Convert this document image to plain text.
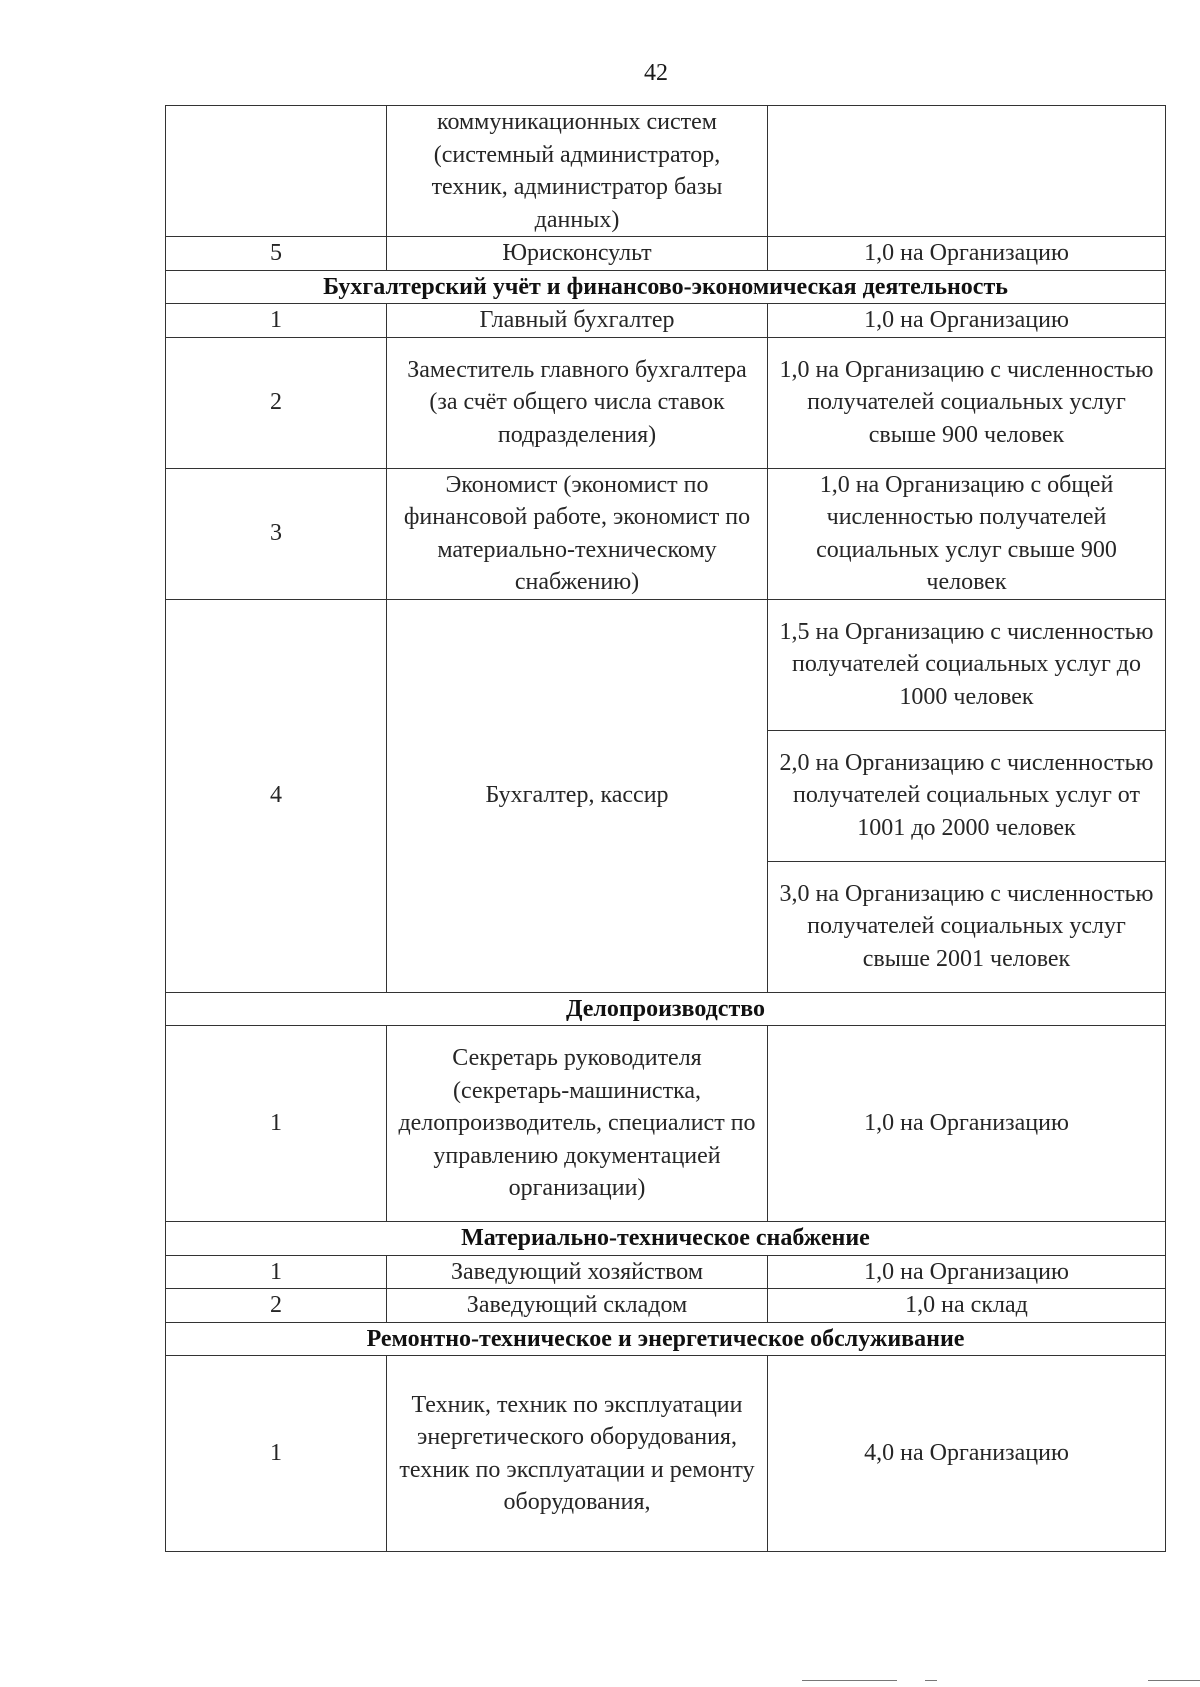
42
	коммуникационных систем (системный администратор, техник, администратор базы данных)	
5	Юрисконсульт	1,0 на Организацию
Бухгалтерский учёт и финансово-экономическая деятельность		
1	Главный бухгалтер	1,0 на Организацию
2	Заместитель главного бухгалтера (за счёт общего числа ставок подразделения)	1,0 на Организацию с численностью получателей социальных услуг свыше 900 человек
3	Экономист (экономист по финансовой работе, экономист по материально-техническому снабжению)	1,0 на Организацию с общей численностью получателей социальных услуг свыше 900 человек
4	Бухгалтер, кассир	1,5 на Организацию с численностью получателей социальных услуг до 1000 человек
		2,0 на Организацию с численностью получателей социальных услуг от 1001 до 2000 человек
		3,0 на Организацию с численностью получателей социальных услуг свыше 2001 человек
Делопроизводство		
1	Секретарь руководителя (секретарь-машинистка, делопроизводитель, специалист по управлению документацией организации)	1,0 на Организацию
Материально-техническое снабжение		
1	Заведующий хозяйством	1,0 на Организацию
2	Заведующий складом	1,0 на склад
Ремонтно-техническое и энергетическое обслуживание		
1	Техник, техник по эксплуатации энергетического оборудования, техник по эксплуатации и ремонту оборудования,	4,0 на Организацию
